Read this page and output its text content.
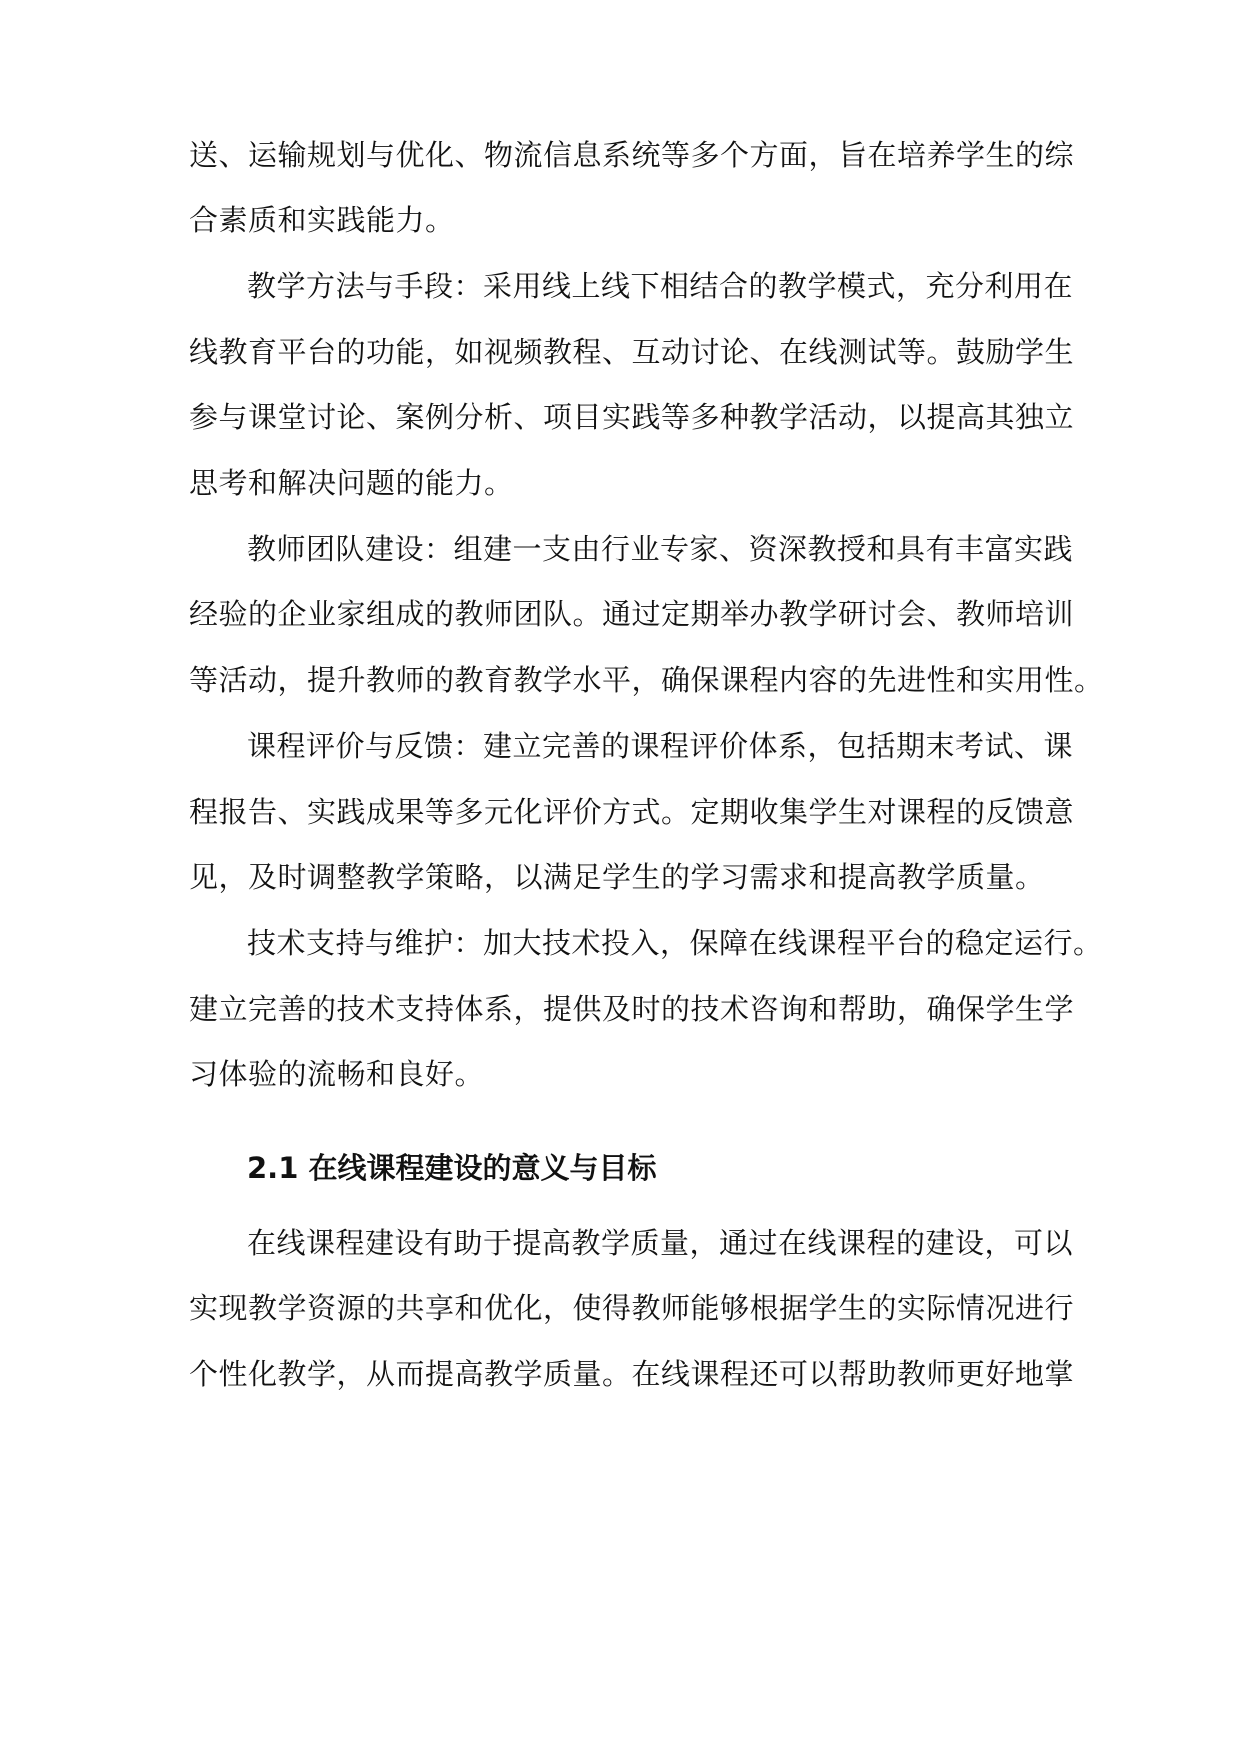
送、运输规划与优化、物流信息系统等多个方面，旨在培养学生的综
合素质和实践能力。
教学方法与手段：采用线上线下相结合的教学模式，充分利用在
线教育平台的功能，如视频教程、互动讨论、在线测试等。鼓励学生
参与课堂讨论、案例分析、项目实践等多种教学活动，以提高其独立
思考和解决问题的能力。
教师团队建设：组建一支由行业专家、资深教授和具有丰富实践
经验的企业家组成的教师团队。通过定期举办教学研讨会、教师培训
等活动，提升教师的教育教学水平，确保课程内容的先进性和实用性。
课程评价与反馈：建立完善的课程评价体系，包括期末考试、课
程报告、实践成果等多元化评价方式。定期收集学生对课程的反馈意
见，及时调整教学策略，以满足学生的学习需求和提高教学质量。
技术支持与维护：加大技术投入，保障在线课程平台的稳定运行。
建立完善的技术支持体系，提供及时的技术咨询和帮助，确保学生学
习体验的流畅和良好。
2.1 在线课程建设的意义与目标
在线课程建设有助于提高教学质量，通过在线课程的建设，可以
实现教学资源的共享和优化，使得教师能够根据学生的实际情况进行
个性化教学，从而提高教学质量。在线课程还可以帮助教师更好地掌
